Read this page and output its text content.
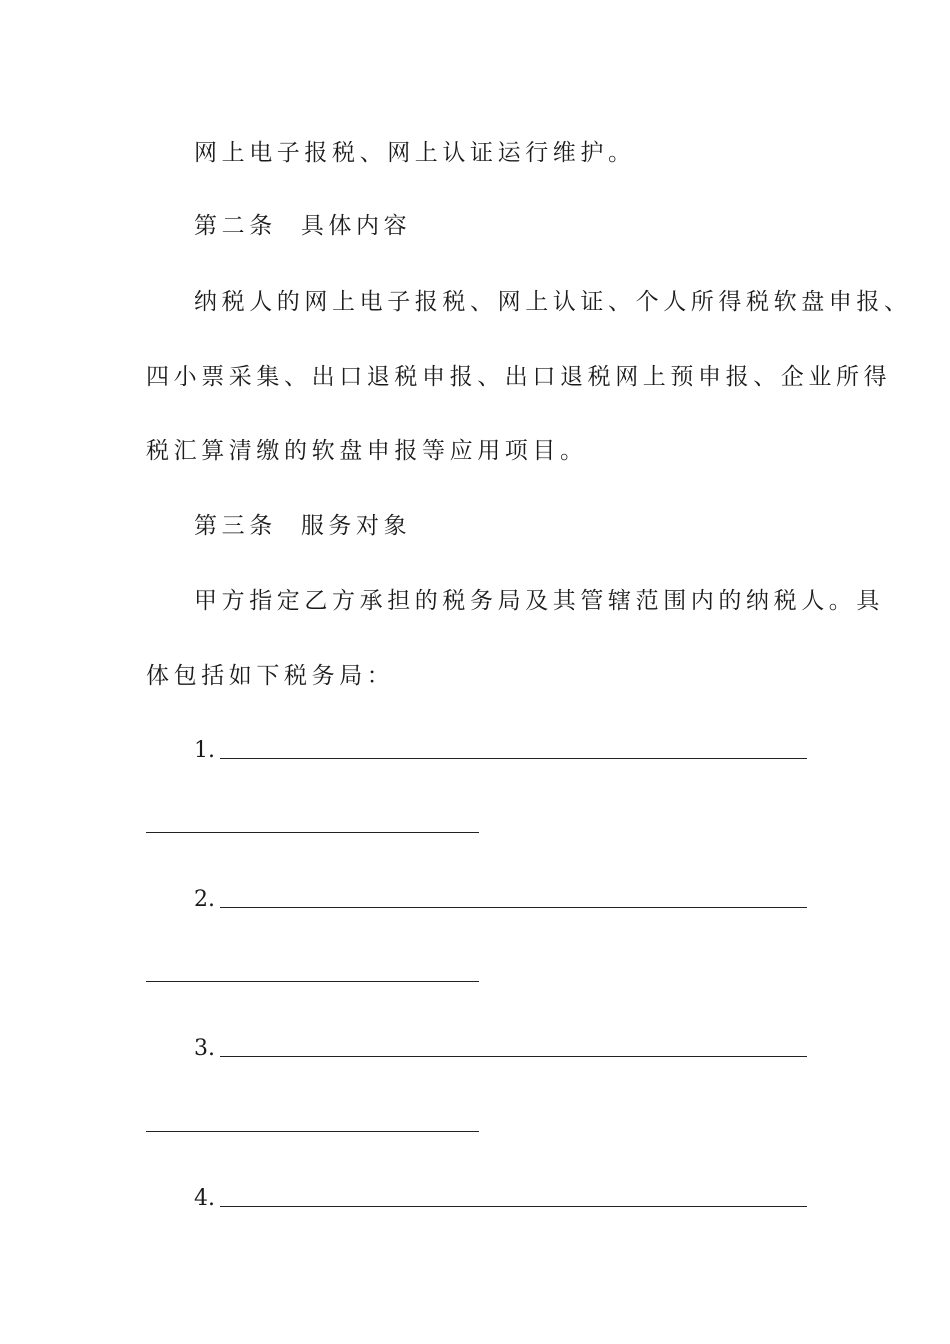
网上电子报税、网上认证运行维护。
第二条 具体内容
纳税人的网上电子报税、网上认证、个人所得税软盘申报、
四小票采集、出口退税申报、出口退税网上预申报、企业所得
税汇算清缴的软盘申报等应用项目。
第三条 服务对象
甲方指定乙方承担的税务局及其管辖范围内的纳税人。具
体包括如下税务局：
1.
2.
3.
4.
